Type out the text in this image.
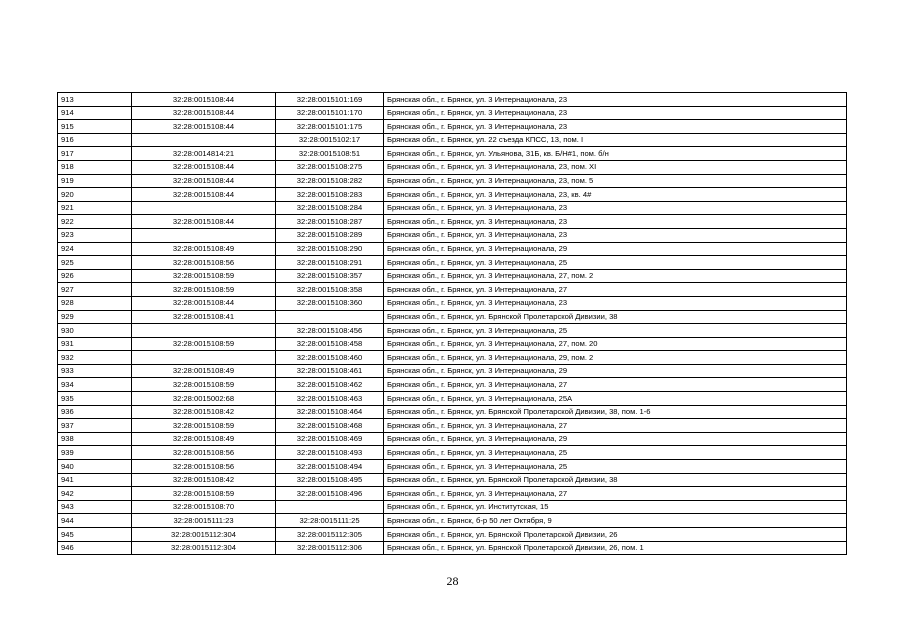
913	32:28:0015108:44	32:28:0015101:169	Брянская обл., г. Брянск, ул. 3 Интернационала, 23
914	32:28:0015108:44	32:28:0015101:170	Брянская обл., г. Брянск, ул. 3 Интернационала, 23
915	32:28:0015108:44	32:28:0015101:175	Брянская обл., г. Брянск, ул. 3 Интернационала, 23
916		32:28:0015102:17	Брянская обл., г. Брянск, ул. 22 съезда КПСС, 13, пом. I
917	32:28:0014814:21	32:28:0015108:51	Брянская обл., г. Брянск, ул. Ульянова, 31Б, кв. Б/Н#1, пом. б/н
918	32:28:0015108:44	32:28:0015108:275	Брянская обл., г. Брянск, ул. 3 Интернационала, 23, пом. XI
919	32:28:0015108:44	32:28:0015108:282	Брянская обл., г. Брянск, ул. 3 Интернационала, 23, пом. 5
920	32:28:0015108:44	32:28:0015108:283	Брянская обл., г. Брянск, ул. 3 Интернационала, 23, кв. 4#
921		32:28:0015108:284	Брянская обл., г. Брянск, ул. 3 Интернационала, 23
922	32:28:0015108:44	32:28:0015108:287	Брянская обл., г. Брянск, ул. 3 Интернационала, 23
923		32:28:0015108:289	Брянская обл., г. Брянск, ул. 3 Интернационала, 23
924	32:28:0015108:49	32:28:0015108:290	Брянская обл., г. Брянск, ул. 3 Интернационала, 29
925	32:28:0015108:56	32:28:0015108:291	Брянская обл., г. Брянск, ул. 3 Интернационала, 25
926	32:28:0015108:59	32:28:0015108:357	Брянская обл., г. Брянск, ул. 3 Интернационала, 27, пом. 2
927	32:28:0015108:59	32:28:0015108:358	Брянская обл., г. Брянск, ул. 3 Интернационала, 27
928	32:28:0015108:44	32:28:0015108:360	Брянская обл., г. Брянск, ул. 3 Интернационала, 23
929	32:28:0015108:41		Брянская обл., г. Брянск, ул. Брянской Пролетарской Дивизии, 38
930		32:28:0015108:456	Брянская обл., г. Брянск, ул. 3 Интернационала, 25
931	32:28:0015108:59	32:28:0015108:458	Брянская обл., г. Брянск, ул. 3 Интернационала, 27, пом. 20
932		32:28:0015108:460	Брянская обл., г. Брянск, ул. 3 Интернационала, 29, пом. 2
933	32:28:0015108:49	32:28:0015108:461	Брянская обл., г. Брянск, ул. 3 Интернационала, 29
934	32:28:0015108:59	32:28:0015108:462	Брянская обл., г. Брянск, ул. 3 Интернационала, 27
935	32:28:0015002:68	32:28:0015108:463	Брянская обл., г. Брянск, ул. 3 Интернационала, 25А
936	32:28:0015108:42	32:28:0015108:464	Брянская обл., г. Брянск, ул. Брянской Пролетарской Дивизии, 38, пом. 1-6
937	32:28:0015108:59	32:28:0015108:468	Брянская обл., г. Брянск, ул. 3 Интернационала, 27
938	32:28:0015108:49	32:28:0015108:469	Брянская обл., г. Брянск, ул. 3 Интернационала, 29
939	32:28:0015108:56	32:28:0015108:493	Брянская обл., г. Брянск, ул. 3 Интернационала, 25
940	32:28:0015108:56	32:28:0015108:494	Брянская обл., г. Брянск, ул. 3 Интернационала, 25
941	32:28:0015108:42	32:28:0015108:495	Брянская обл., г. Брянск, ул. Брянской Пролетарской Дивизии, 38
942	32:28:0015108:59	32:28:0015108:496	Брянская обл., г. Брянск, ул. 3 Интернационала, 27
943	32:28:0015108:70		Брянская обл., г. Брянск, ул. Институтская, 15
944	32:28:0015111:23	32:28:0015111:25	Брянская обл., г. Брянск, б-р 50 лет Октября, 9
945	32:28:0015112:304	32:28:0015112:305	Брянская обл., г. Брянск, ул. Брянской Пролетарской Дивизии, 26
946	32:28:0015112:304	32:28:0015112:306	Брянская обл., г. Брянск, ул. Брянской Пролетарской Дивизии, 26, пом. 1
28
